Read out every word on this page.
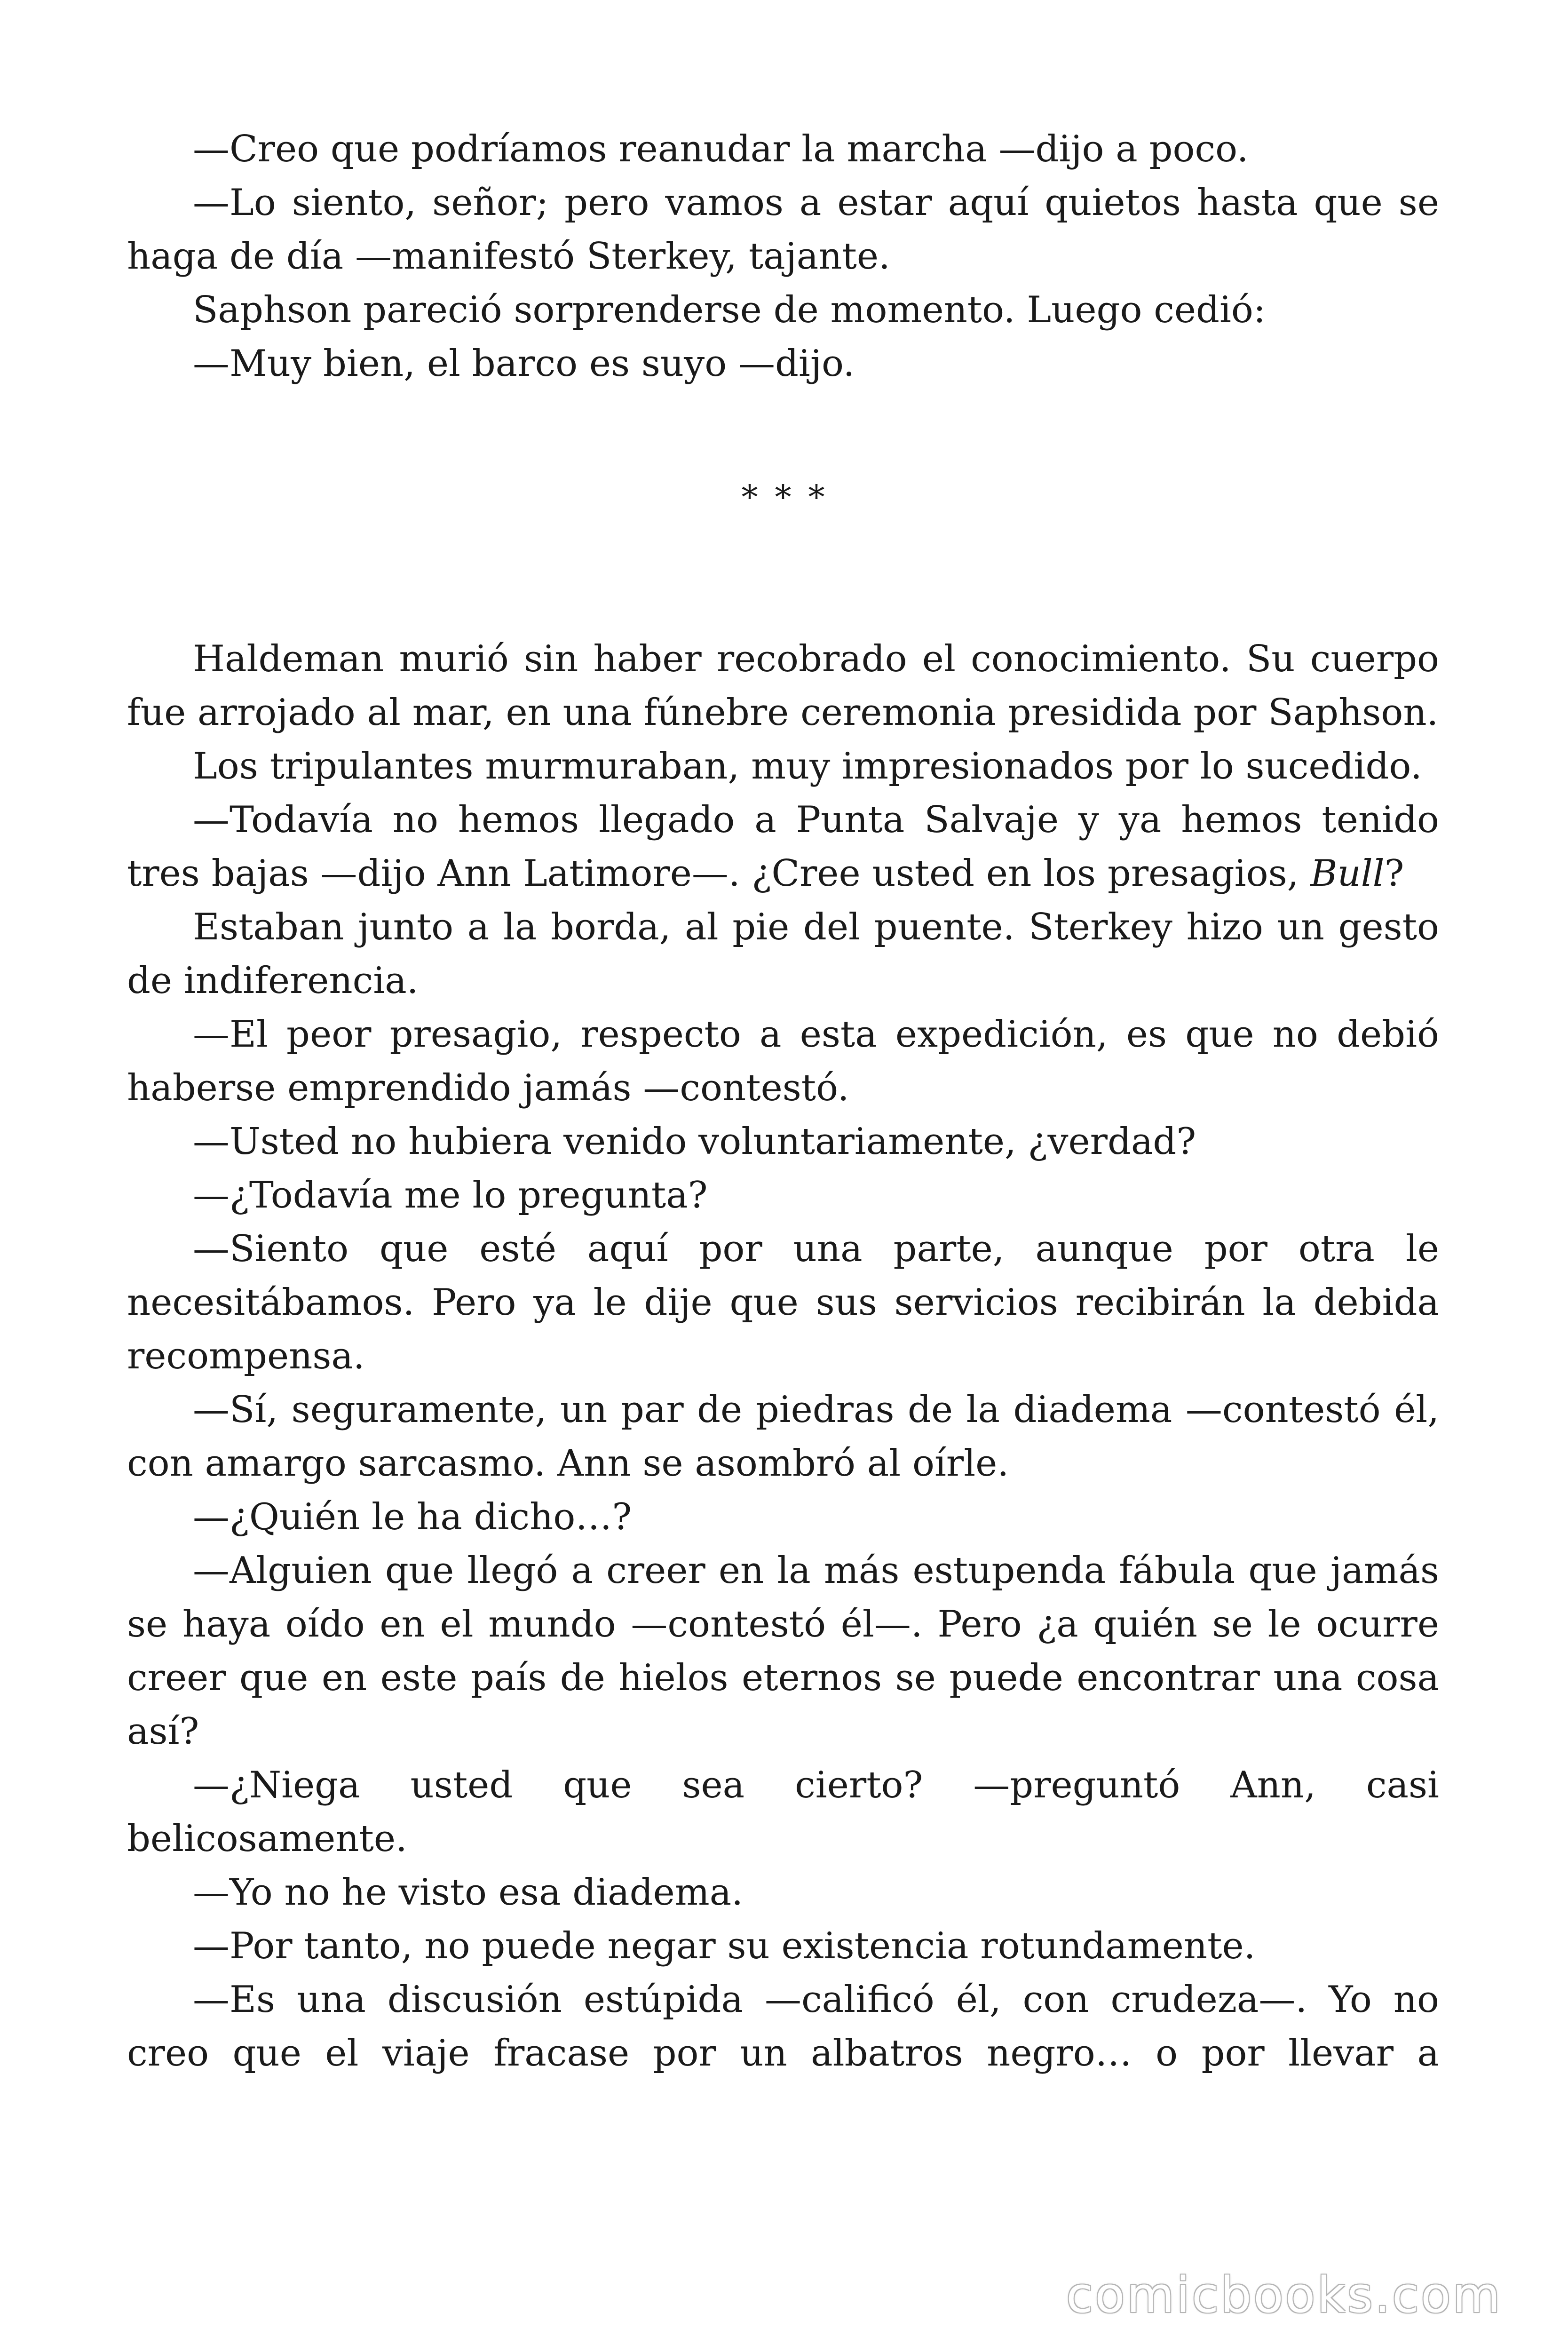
—Creo que podríamos reanudar la marcha —dijo a poco.

—Lo siento, señor; pero vamos a estar aquí quietos hasta que se haga de día —manifestó Sterkey, tajante.

Saphson pareció sorprenderse de momento. Luego cedió:

—Muy bien, el barco es suyo —dijo.

***

Haldeman murió sin haber recobrado el conocimiento. Su cuerpo fue arrojado al mar, en una fúnebre ceremonia presidida por Saphson.

Los tripulantes murmuraban, muy impresionados por lo sucedido.

—Todavía no hemos llegado a Punta Salvaje y ya hemos tenido tres bajas —dijo Ann Latimore—. ¿Cree usted en los presagios, Bull?

Estaban junto a la borda, al pie del puente. Sterkey hizo un gesto de indiferencia.

—El peor presagio, respecto a esta expedición, es que no debió haberse emprendido jamás —contestó.

—Usted no hubiera venido voluntariamente, ¿verdad?

—¿Todavía me lo pregunta?

—Siento que esté aquí por una parte, aunque por otra le necesitábamos. Pero ya le dije que sus servicios recibirán la debida recompensa.

—Sí, seguramente, un par de piedras de la diadema —contestó él, con amargo sarcasmo. Ann se asombró al oírle.

—¿Quién le ha dicho…?

—Alguien que llegó a creer en la más estupenda fábula que jamás se haya oído en el mundo —contestó él—. Pero ¿a quién se le ocurre creer que en este país de hielos eternos se puede encontrar una cosa así?

—¿Niega usted que sea cierto? —preguntó Ann, casi belicosamente.

—Yo no he visto esa diadema.

—Por tanto, no puede negar su existencia rotundamente.

—Es una discusión estúpida —calificó él, con crudeza—. Yo no creo que el viaje fracase por un albatros negro… o por llevar a

comicbooks.com
